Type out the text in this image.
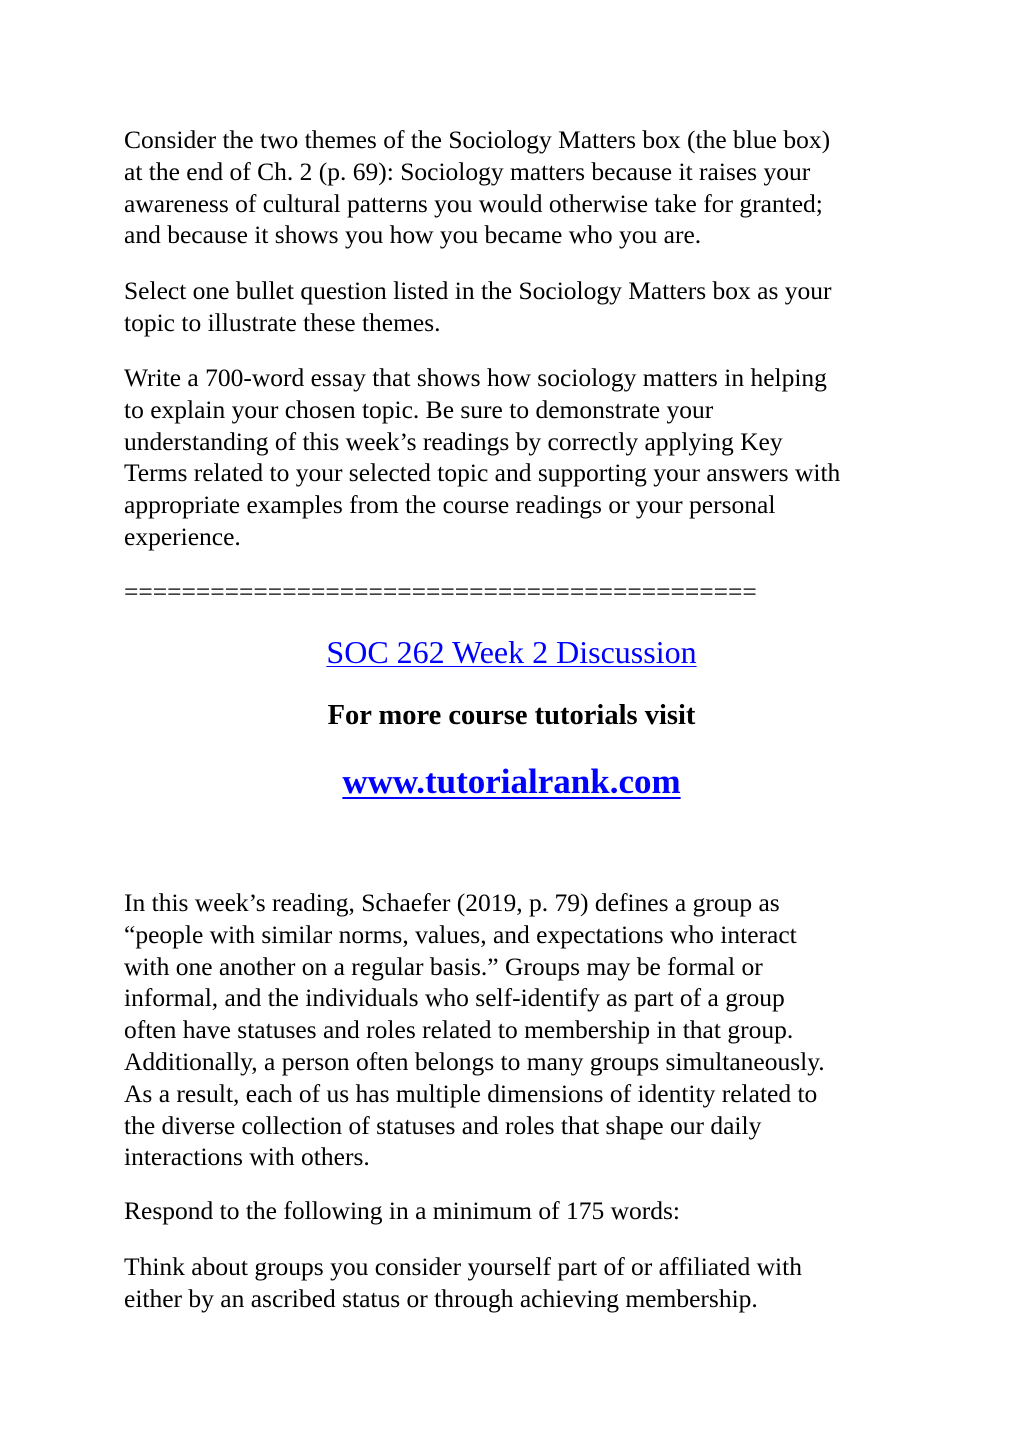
Consider the two themes of the Sociology Matters box (the blue box)
at the end of Ch. 2 (p. 69): Sociology matters because it raises your
awareness of cultural patterns you would otherwise take for granted;
and because it shows you how you became who you are.

Select one bullet question listed in the Sociology Matters box as your
topic to illustrate these themes.

Write a 700-word essay that shows how sociology matters in helping
to explain your chosen topic. Be sure to demonstrate your
understanding of this week’s readings by correctly applying Key
Terms related to your selected topic and supporting your answers with
appropriate examples from the course readings or your personal
experience.

============================================

SOC 262 Week 2 Discussion

For more course tutorials visit

www.tutorialrank.com

In this week’s reading, Schaefer (2019, p. 79) defines a group as
“people with similar norms, values, and expectations who interact
with one another on a regular basis.” Groups may be formal or
informal, and the individuals who self-identify as part of a group
often have statuses and roles related to membership in that group.
Additionally, a person often belongs to many groups simultaneously.
As a result, each of us has multiple dimensions of identity related to
the diverse collection of statuses and roles that shape our daily
interactions with others.

Respond to the following in a minimum of 175 words:

Think about groups you consider yourself part of or affiliated with
either by an ascribed status or through achieving membership.
